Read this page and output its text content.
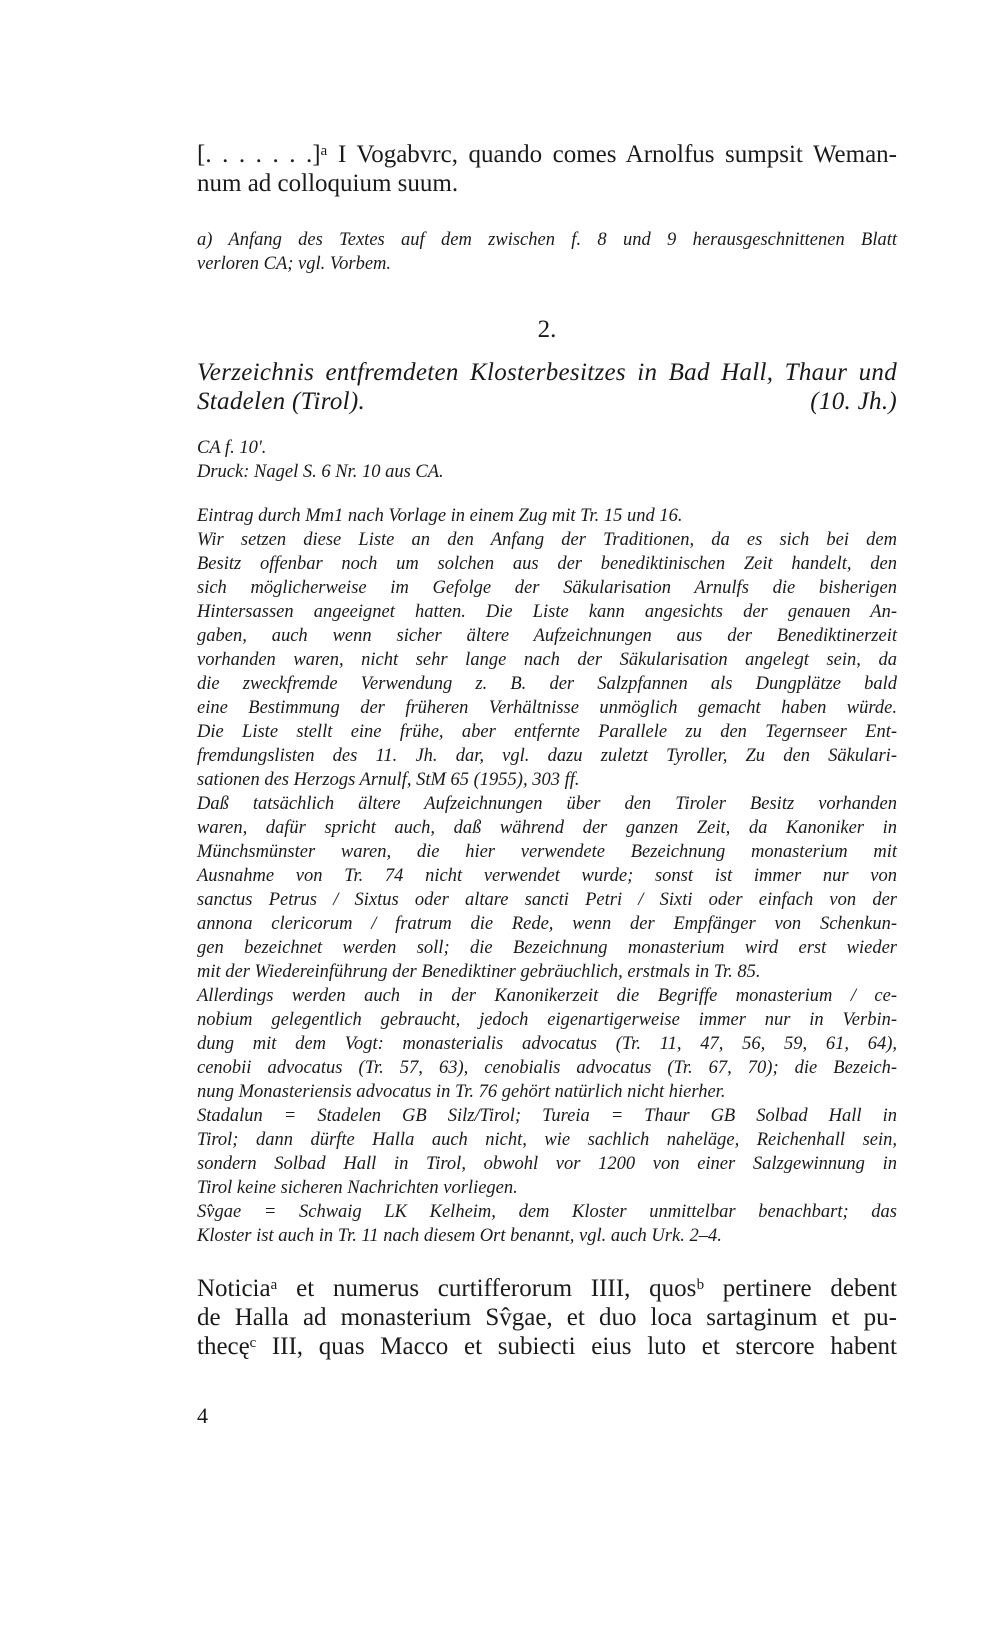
[. . . . . . .]ᵃ I Vogabvrc, quando comes Arnolfus sumpsit Weman-
num ad colloquium suum.
a) Anfang des Textes auf dem zwischen f. 8 und 9 herausgeschnittenen Blatt
verloren CA; vgl. Vorbem.
2.
Verzeichnis entfremdeten Klosterbesitzes in Bad Hall, Thaur und
Stadelen (Tirol).	(10. Jh.)
CA f. 10'.
Druck: Nagel S. 6 Nr. 10 aus CA.
Eintrag durch Mm1 nach Vorlage in einem Zug mit Tr. 15 und 16.
Wir setzen diese Liste an den Anfang der Traditionen, da es sich bei dem
Besitz offenbar noch um solchen aus der benediktinischen Zeit handelt, den
sich möglicherweise im Gefolge der Säkularisation Arnulfs die bisherigen
Hintersassen angeeignet hatten. Die Liste kann angesichts der genauen An-
gaben, auch wenn sicher ältere Aufzeichnungen aus der Benediktinerzeit
vorhanden waren, nicht sehr lange nach der Säkularisation angelegt sein, da
die zweckfremde Verwendung z. B. der Salzpfannen als Dungplätze bald
eine Bestimmung der früheren Verhältnisse unmöglich gemacht haben würde.
Die Liste stellt eine frühe, aber entfernte Parallele zu den Tegernseer Ent-
fremdungslisten des 11. Jh. dar, vgl. dazu zuletzt Tyroller, Zu den Säkulari-
sationen des Herzogs Arnulf, StM 65 (1955), 303 ff.
Daß tatsächlich ältere Aufzeichnungen über den Tiroler Besitz vorhanden
waren, dafür spricht auch, daß während der ganzen Zeit, da Kanoniker in
Münchsmünster waren, die hier verwendete Bezeichnung monasterium mit
Ausnahme von Tr. 74 nicht verwendet wurde; sonst ist immer nur von
sanctus Petrus / Sixtus oder altare sancti Petri / Sixti oder einfach von der
annona clericorum / fratrum die Rede, wenn der Empfänger von Schenkun-
gen bezeichnet werden soll; die Bezeichnung monasterium wird erst wieder
mit der Wiedereinführung der Benediktiner gebräuchlich, erstmals in Tr. 85.
Allerdings werden auch in der Kanonikerzeit die Begriffe monasterium / ce-
nobium gelegentlich gebraucht, jedoch eigenartigerweise immer nur in Verbin-
dung mit dem Vogt: monasterialis advocatus (Tr. 11, 47, 56, 59, 61, 64),
cenobii advocatus (Tr. 57, 63), cenobialis advocatus (Tr. 67, 70); die Bezeich-
nung Monasteriensis advocatus in Tr. 76 gehört natürlich nicht hierher.
Stadalun = Stadelen GB Silz/Tirol; Tureia = Thaur GB Solbad Hall in
Tirol; dann dürfte Halla auch nicht, wie sachlich naheläge, Reichenhall sein,
sondern Solbad Hall in Tirol, obwohl vor 1200 von einer Salzgewinnung in
Tirol keine sicheren Nachrichten vorliegen.
Sv̂gae = Schwaig LK Kelheim, dem Kloster unmittelbar benachbart; das
Kloster ist auch in Tr. 11 nach diesem Ort benannt, vgl. auch Urk. 2–4.
Noticiaᵃ et numerus curtifferorum IIII, quosᵇ pertinere debent
de Halla ad monasterium Sv̂gae, et duo loca sartaginum et pu-
thecęᶜ III, quas Macco et subiecti eius luto et stercore habent
4
